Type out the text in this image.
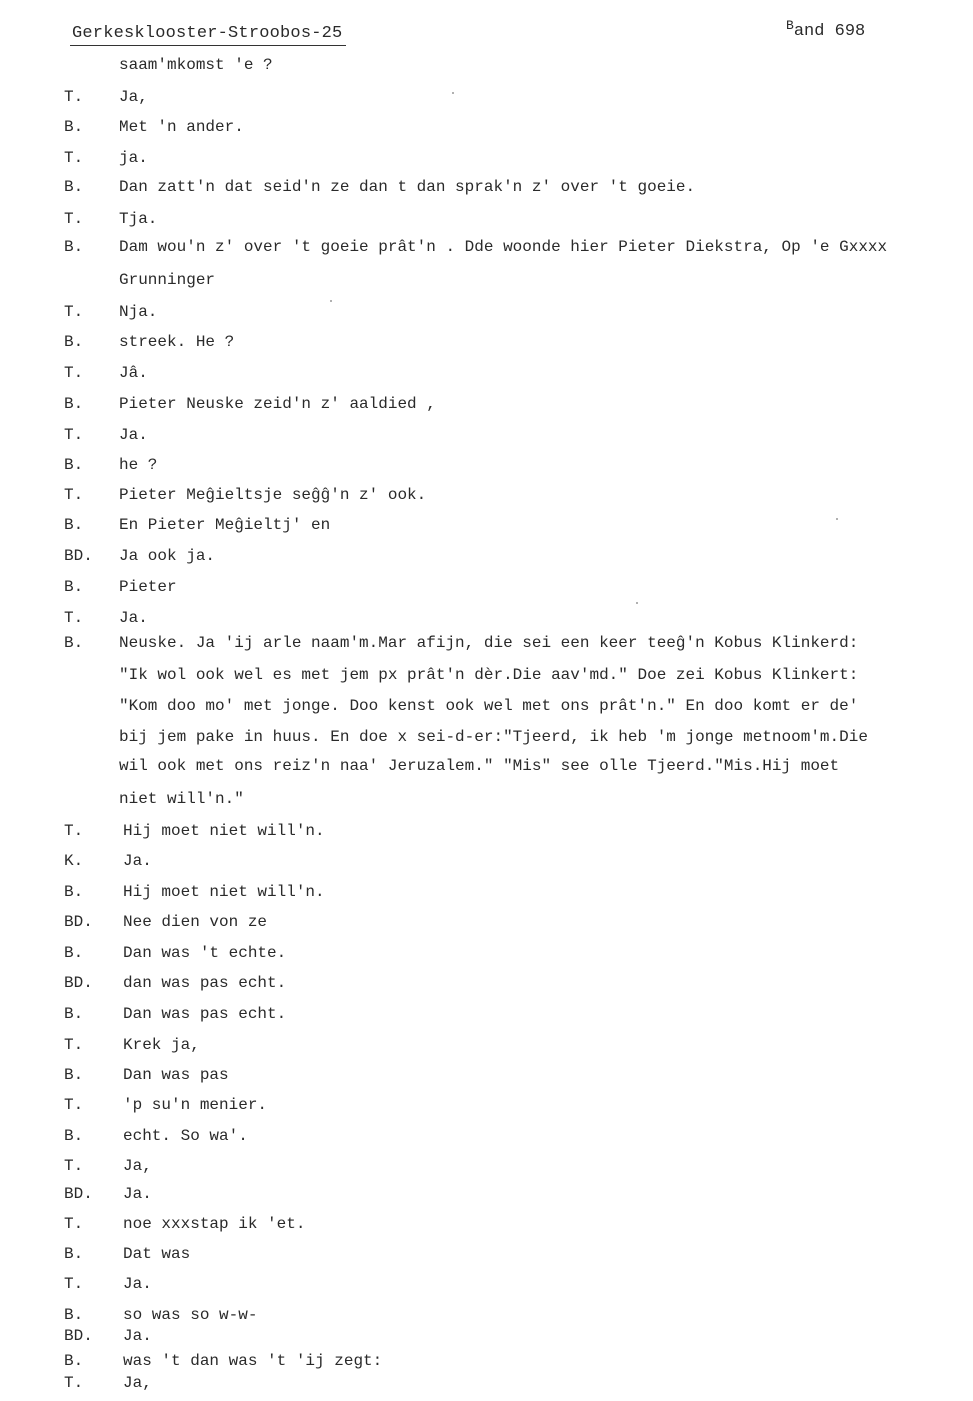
Gerkesklooster-Stroobos-25	$^B$and 698
saam'mkomst 'e ?
T.	Ja,
B.	Met 'n ander.
T.	ja.
B.	Dan zatt'n dat seid'n ze dan t dan sprak'n z' over 't goeie.
T.	Tja.
B.	Dam wou'n z' over 't goeie prât'n . Dde woonde hier Pieter Diekstra, Op 'e Gxxxx
Grunninger
T.	Nja.
B.	streek. He ?
T.	Jâ.
B.	Pieter Neuske zeid'n z' aaldied ,
T.	Ja.
B.	he ?
T.	Pieter Meĝieltsje seĝĝ'n z' ook.
B.	En Pieter Meĝieltj' en
BD.	Ja ook ja.
B.	Pieter
T.	Ja.
B.	Neuske. Ja 'ij arle naam'm.Mar afijn, die sei een keer teeĝ'n Kobus Klinkerd:
"Ik wol ook wel es met jem px prât'n dèr.Die aav'md." Doe zei Kobus Klinkert:
"Kom doo mo' met jonge. Doo kenst ook wel met ons prât'n." En doo komt er de'
bij jem pake in huus. En doe x sei-d-er:"Tjeerd, ik heb 'm jonge metnoom'm.Die
wil ook met ons reiz'n naa' Jeruzalem." "Mis" see olle Tjeerd."Mis.Hij moet
niet will'n."
T.	Hij moet niet will'n.
K.	Ja.
B.	Hij moet niet will'n.
BD.	Nee dien von ze
B.	Dan was 't echte.
BD.	dan was pas echt.
B.	Dan was pas echt.
T.	Krek ja,
B.	Dan was pas
T.	'p su'n menier.
B.	echt. So wa'.
T.	Ja,
BD.	Ja.
T.	noe xxxstap ik 'et.
B.	Dat was
T.	Ja.
B.	so was so w-w-
BD.	Ja.
B.	was 't dan was 't 'ij zegt:
T.	Ja,
